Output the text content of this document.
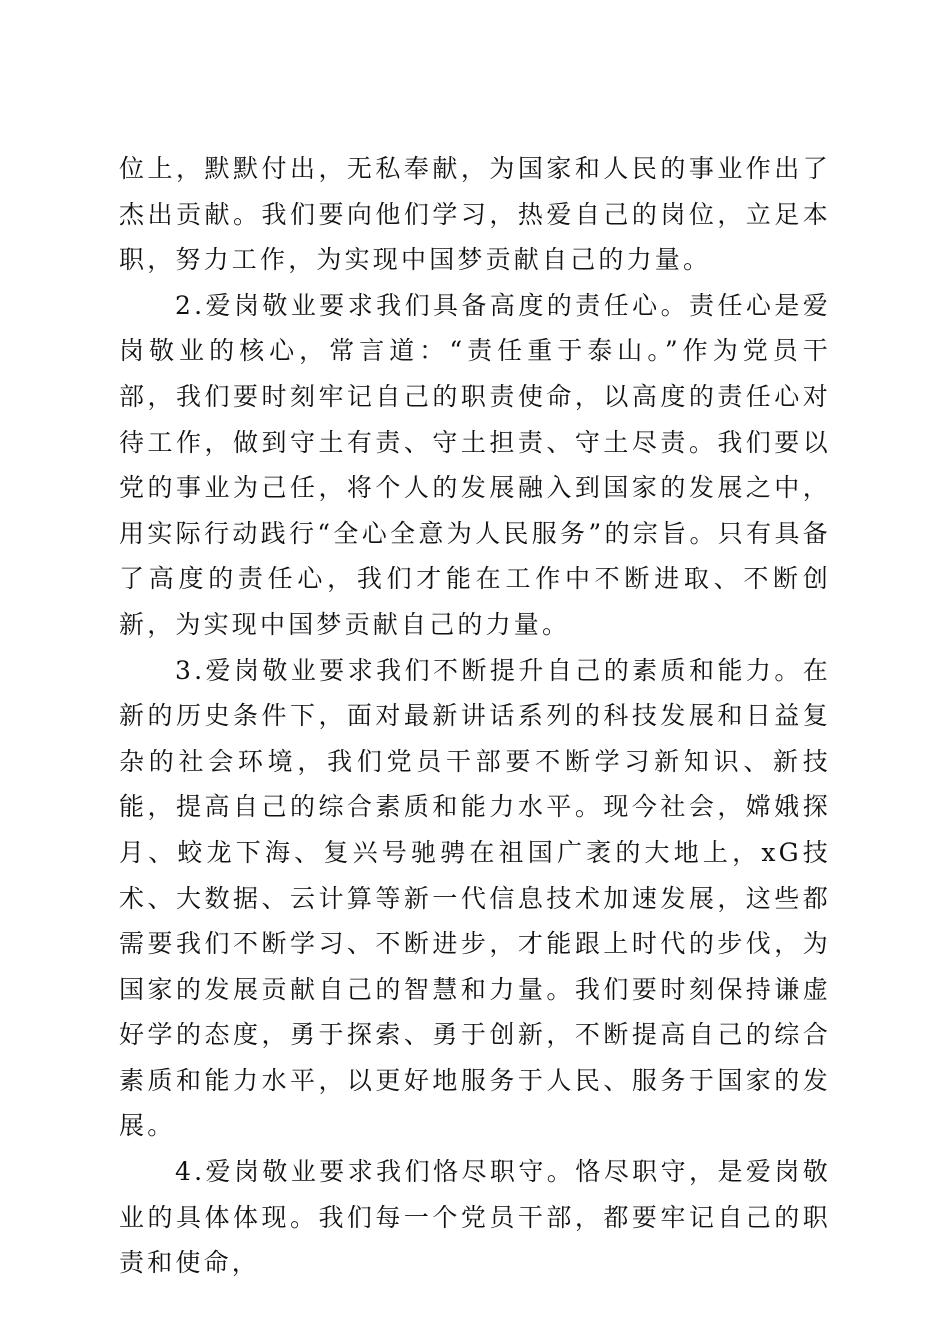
位上，默默付出，无私奉献，为国家和人民的事业作出了杰出贡献。我们要向他们学习，热爱自己的岗位，立足本职，努力工作，为实现中国梦贡献自己的力量。

2.爱岗敬业要求我们具备高度的责任心。责任心是爱岗敬业的核心，常言道：“责任重于泰山。”作为党员干部，我们要时刻牢记自己的职责使命，以高度的责任心对待工作，做到守土有责、守土担责、守土尽责。我们要以党的事业为己任，将个人的发展融入到国家的发展之中，用实际行动践行“全心全意为人民服务”的宗旨。只有具备了高度的责任心，我们才能在工作中不断进取、不断创新，为实现中国梦贡献自己的力量。

3.爱岗敬业要求我们不断提升自己的素质和能力。在新的历史条件下，面对最新讲话系列的科技发展和日益复杂的社会环境，我们党员干部要不断学习新知识、新技能，提高自己的综合素质和能力水平。现今社会，嫦娥探月、蛟龙下海、复兴号驰骋在祖国广袤的大地上，xG技术、大数据、云计算等新一代信息技术加速发展，这些都需要我们不断学习、不断进步，才能跟上时代的步伐，为国家的发展贡献自己的智慧和力量。我们要时刻保持谦虚好学的态度，勇于探索、勇于创新，不断提高自己的综合素质和能力水平，以更好地服务于人民、服务于国家的发展。

4.爱岗敬业要求我们恪尽职守。恪尽职守，是爱岗敬业的具体体现。我们每一个党员干部，都要牢记自己的职责和使命，
